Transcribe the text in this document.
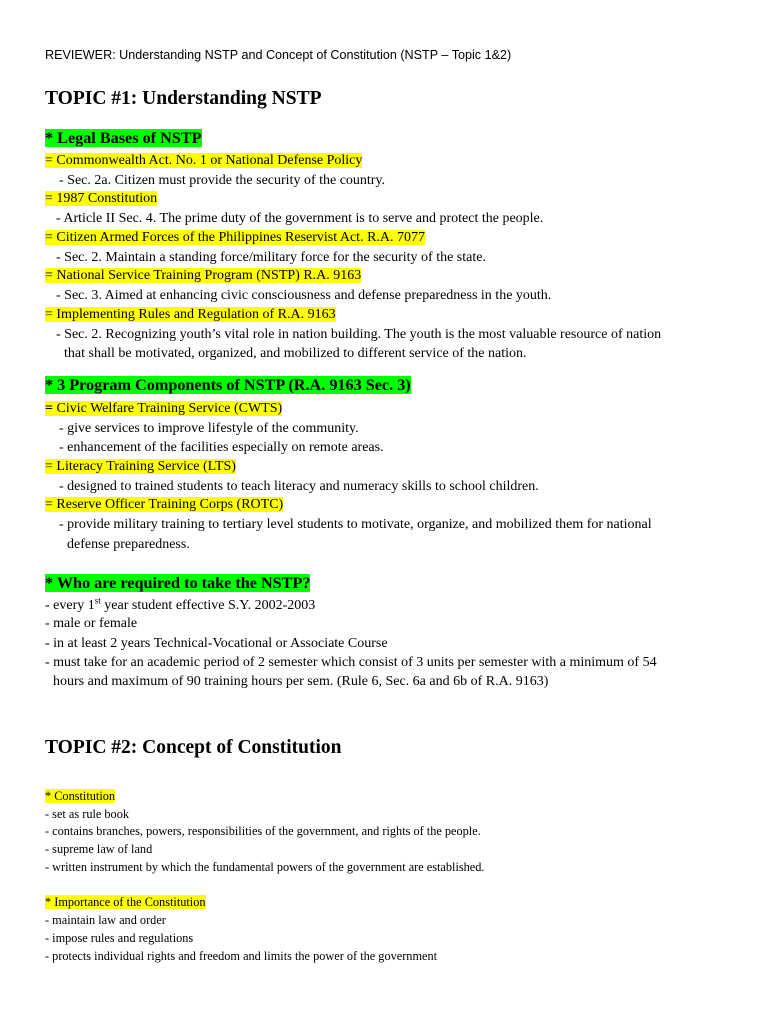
REVIEWER: Understanding NSTP and Concept of Constitution (NSTP – Topic 1&2)
TOPIC #1: Understanding NSTP
* Legal Bases of NSTP
= Commonwealth Act. No. 1 or National Defense Policy
- Sec. 2a. Citizen must provide the security of the country.
= 1987 Constitution
- Article II Sec. 4. The prime duty of the government is to serve and protect the people.
= Citizen Armed Forces of the Philippines Reservist Act. R.A. 7077
- Sec. 2. Maintain a standing force/military force for the security of the state.
= National Service Training Program (NSTP) R.A. 9163
- Sec. 3. Aimed at enhancing civic consciousness and defense preparedness in the youth.
= Implementing Rules and Regulation of R.A. 9163
- Sec. 2. Recognizing youth’s vital role in nation building. The youth is the most valuable resource of nation
that shall be motivated, organized, and mobilized to different service of the nation.
* 3 Program Components of NSTP (R.A. 9163 Sec. 3)
= Civic Welfare Training Service (CWTS)
- give services to improve lifestyle of the community.
- enhancement of the facilities especially on remote areas.
= Literacy Training Service (LTS)
- designed to trained students to teach literacy and numeracy skills to school children.
= Reserve Officer Training Corps (ROTC)
- provide military training to tertiary level students to motivate, organize, and mobilized them for national
defense preparedness.
* Who are required to take the NSTP?
- every 1st year student effective S.Y. 2002-2003
- male or female
- in at least 2 years Technical-Vocational or Associate Course
- must take for an academic period of 2 semester which consist of 3 units per semester with a minimum of 54
hours and maximum of 90 training hours per sem. (Rule 6, Sec. 6a and 6b of R.A. 9163)
TOPIC #2: Concept of Constitution
* Constitution
- set as rule book
- contains branches, powers, responsibilities of the government, and rights of the people.
- supreme law of land
- written instrument by which the fundamental powers of the government are established.
* Importance of the Constitution
- maintain law and order
- impose rules and regulations
- protects individual rights and freedom and limits the power of the government
